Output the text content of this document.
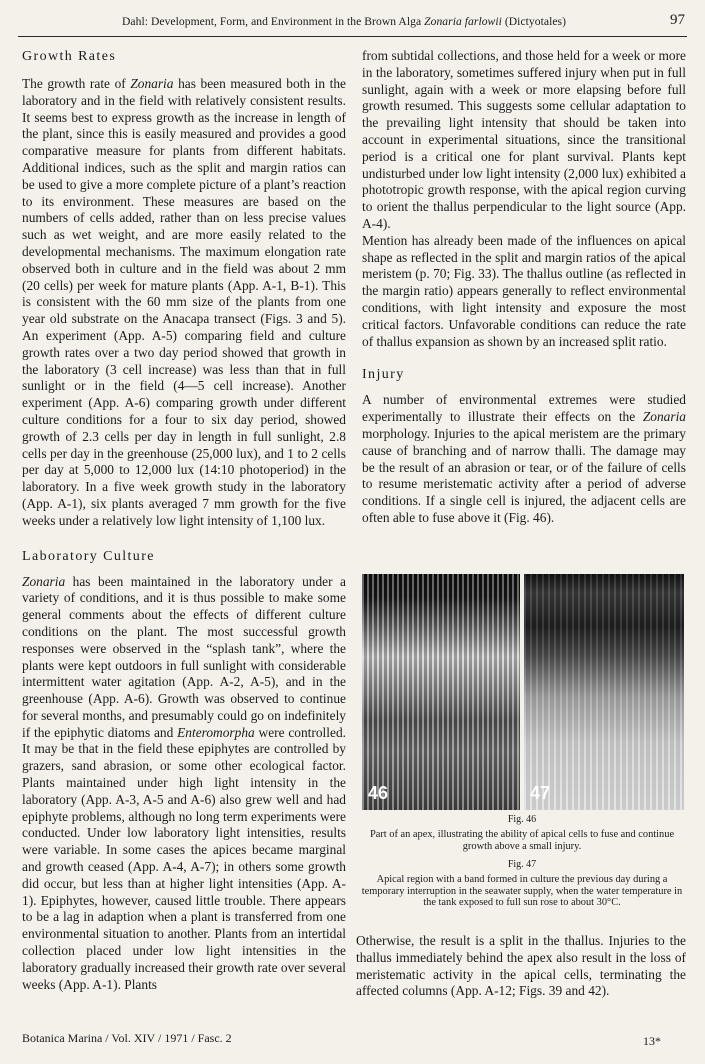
Dahl: Development, Form, and Environment in the Brown Alga Zonaria farlowii (Dictyotales)	97
Growth Rates

The growth rate of Zonaria has been measured both in the laboratory and in the field with relatively consistent results. It seems best to express growth as the increase in length of the plant, since this is easily measured and provides a good comparative measure for plants from different habitats. Additional indices, such as the split and margin ratios can be used to give a more complete picture of a plant’s reaction to its environment. These measures are based on the numbers of cells added, rather than on less precise values such as wet weight, and are more easily related to the developmental mechanisms. The maximum elongation rate observed both in culture and in the field was about 2 mm (20 cells) per week for mature plants (App. A-1, B-1). This is consistent with the 60 mm size of the plants from one year old substrate on the Anacapa transect (Figs. 3 and 5). An experiment (App. A-5) comparing field and culture growth rates over a two day period showed that growth in the laboratory (3 cell increase) was less than that in full sunlight or in the field (4—5 cell increase). Another experiment (App. A-6) comparing growth under different culture conditions for a four to six day period, showed growth of 2.3 cells per day in length in full sunlight, 2.8 cells per day in the greenhouse (25,000 lux), and 1 to 2 cells per day at 5,000 to 12,000 lux (14:10 photoperiod) in the laboratory. In a five week growth study in the laboratory (App. A-1), six plants averaged 7 mm growth for the five weeks under a relatively low light intensity of 1,100 lux.

Laboratory Culture

Zonaria has been maintained in the laboratory under a variety of conditions, and it is thus possible to make some general comments about the effects of different culture conditions on the plant. The most successful growth responses were observed in the “splash tank”, where the plants were kept outdoors in full sunlight with considerable intermittent water agitation (App. A-2, A-5), and in the greenhouse (App. A-6). Growth was observed to continue for several months, and presumably could go on indefinitely if the epiphytic diatoms and Enteromorpha were controlled. It may be that in the field these epiphytes are controlled by grazers, sand abrasion, or some other ecological factor. Plants maintained under high light intensity in the laboratory (App. A-3, A-5 and A-6) also grew well and had epiphyte problems, although no long term experiments were conducted. Under low laboratory light intensities, results were variable. In some cases the apices became marginal and growth ceased (App. A-4, A-7); in others some growth did occur, but less than at higher light intensities (App. A-1). Epiphytes, however, caused little trouble. There appears to be a lag in adaption when a plant is transferred from one environmental situation to another. Plants from an intertidal collection placed under low light intensities in the laboratory gradually increased their growth rate over several weeks (App. A-1). Plants

from subtidal collections, and those held for a week or more in the laboratory, sometimes suffered injury when put in full sunlight, again with a week or more elapsing before full growth resumed. This suggests some cellular adaptation to the prevailing light intensity that should be taken into account in experimental situations, since the transitional period is a critical one for plant survival. Plants kept undisturbed under low light intensity (2,000 lux) exhibited a phototropic growth response, with the apical region curving to orient the thallus perpendicular to the light source (App. A-4).

Mention has already been made of the influences on apical shape as reflected in the split and margin ratios of the apical meristem (p. 70; Fig. 33). The thallus outline (as reflected in the margin ratio) appears generally to reflect environmental conditions, with light intensity and exposure the most critical factors. Unfavorable conditions can reduce the rate of thallus expansion as shown by an increased split ratio.

Injury

A number of environmental extremes were studied experimentally to illustrate their effects on the Zonaria morphology. Injuries to the apical meristem are the primary cause of branching and of narrow thalli. The damage may be the result of an abrasion or tear, or of the failure of cells to resume meristematic activity after a period of adverse conditions. If a single cell is injured, the adjacent cells are often able to fuse above it (Fig. 46).

46	47

Fig. 46

Part of an apex, illustrating the ability of apical cells to fuse and continue growth above a small injury.

Fig. 47

Apical region with a band formed in culture the previous day during a temporary interruption in the seawater supply, when the water temperature in the tank exposed to full sun rose to about 30°C.

Otherwise, the result is a split in the thallus. Injuries to the thallus immediately behind the apex also result in the loss of meristematic activity in the apical cells, terminating the affected columns (App. A-12; Figs. 39 and 42).

Botanica Marina / Vol. XIV / 1971 / Fasc. 2	13*
